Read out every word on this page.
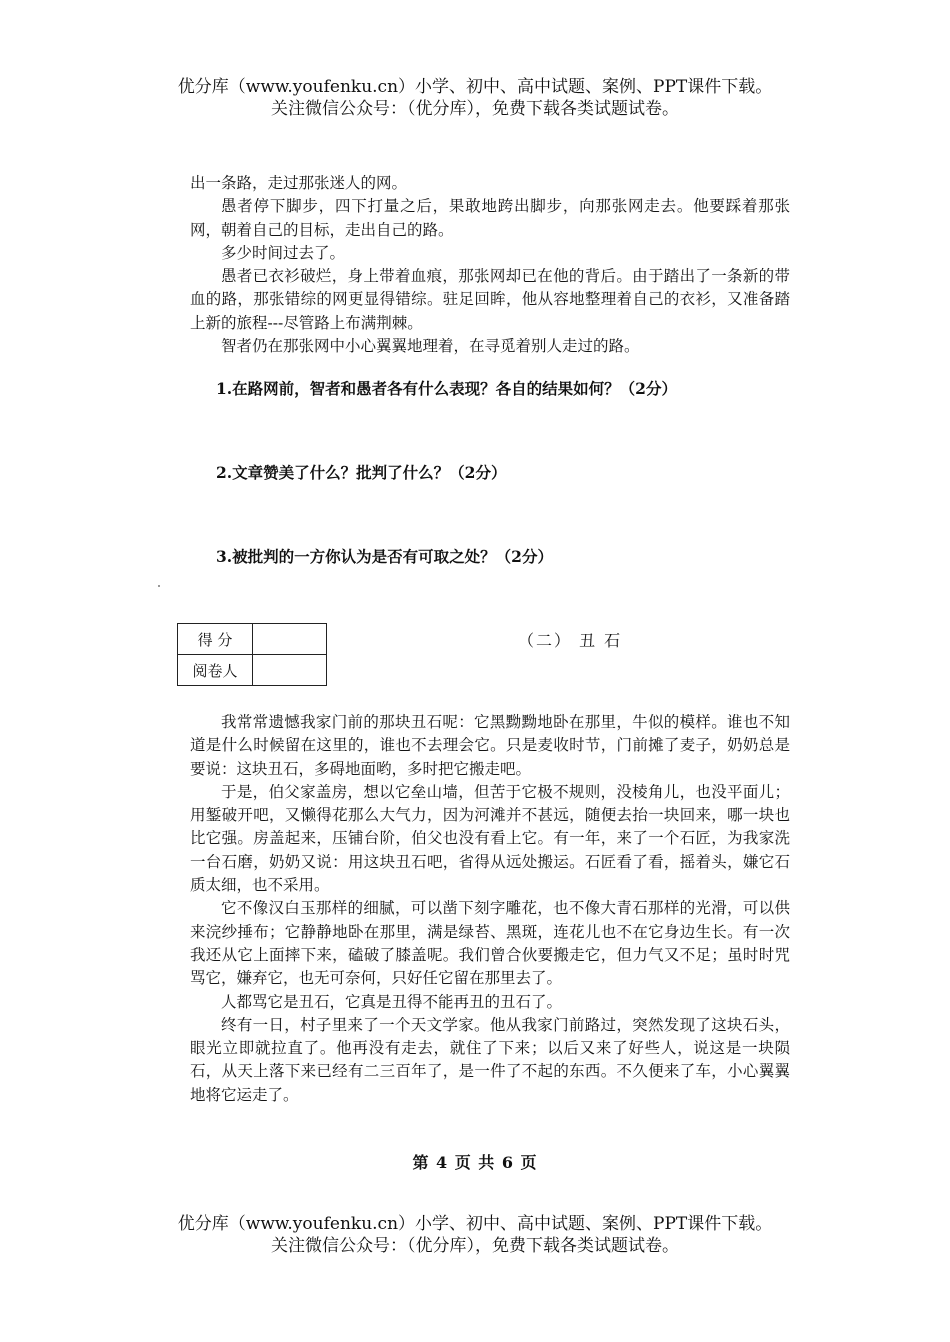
优分库（www.youfenku.cn）小学、初中、高中试题、案例、PPT课件下载。
关注微信公众号：（优分库），免费下载各类试题试卷。

出一条路，走过那张迷人的网。

愚者停下脚步，四下打量之后，果敢地跨出脚步，向那张网走去。他要踩着那张网，朝着自己的目标，走出自己的路。

多少时间过去了。

愚者已衣衫破烂，身上带着血痕，那张网却已在他的背后。由于踏出了一条新的带血的路，那张错综的网更显得错综。驻足回眸，他从容地整理着自己的衣衫，又准备踏上新的旅程---尽管路上布满荆棘。

智者仍在那张网中小心翼翼地理着，在寻觅着别人走过的路。

1.在路网前，智者和愚者各有什么表现？各自的结果如何？（2分）
2.文章赞美了什么？批判了什么？（2分）
3.被批判的一方你认为是否有可取之处？（2分）
得 分	
阅卷人	
（二） 丑 石

我常常遗憾我家门前的那块丑石呢：它黑黝黝地卧在那里，牛似的模样。谁也不知道是什么时候留在这里的，谁也不去理会它。只是麦收时节，门前摊了麦子，奶奶总是要说：这块丑石，多碍地面哟，多时把它搬走吧。

于是，伯父家盖房，想以它垒山墙，但苦于它极不规则，没棱角儿，也没平面儿；用錾破开吧，又懒得花那么大气力，因为河滩并不甚远，随便去抬一块回来，哪一块也比它强。房盖起来，压铺台阶，伯父也没有看上它。有一年，来了一个石匠，为我家洗一台石磨，奶奶又说：用这块丑石吧，省得从远处搬运。石匠看了看，摇着头，嫌它石质太细，也不采用。

它不像汉白玉那样的细腻，可以凿下刻字雕花，也不像大青石那样的光滑，可以供来浣纱捶布；它静静地卧在那里，满是绿苔、黑斑，连花儿也不在它身边生长。有一次我还从它上面摔下来，磕破了膝盖呢。我们曾合伙要搬走它，但力气又不足；虽时时咒骂它，嫌弃它，也无可奈何，只好任它留在那里去了。

人都骂它是丑石，它真是丑得不能再丑的丑石了。

终有一日，村子里来了一个天文学家。他从我家门前路过，突然发现了这块石头，眼光立即就拉直了。他再没有走去，就住了下来；以后又来了好些人，说这是一块陨石，从天上落下来已经有二三百年了，是一件了不起的东西。不久便来了车，小心翼翼地将它运走了。

第 4 页 共 6 页
优分库（www.youfenku.cn）小学、初中、高中试题、案例、PPT课件下载。
关注微信公众号：（优分库），免费下载各类试题试卷。
